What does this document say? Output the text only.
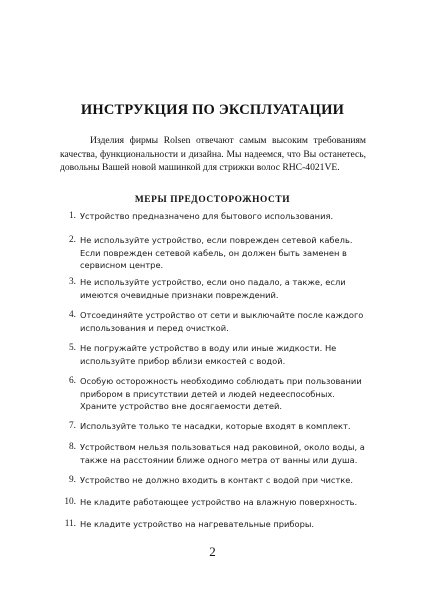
ИНСТРУКЦИЯ ПО ЭКСПЛУАТАЦИИ
Изделия фирмы Rolsen отвечают самым высоким требованиям качества, функциональности и дизайна. Мы надеемся, что Вы останетесь, довольны Вашей новой машинкой для стрижки волос RHC-4021VE.
МЕРЫ ПРЕДОСТОРОЖНОСТИ
1. Устройство предназначено для бытового использования.
2. Не используйте устройство, если поврежден сетевой кабель. Если поврежден сетевой кабель, он должен быть заменен в сервисном центре.
3. Не используйте устройство, если оно падало, а также, если имеются очевидные признаки повреждений.
4. Отсоединяйте устройство от сети и выключайте после каждого использования и перед очисткой.
5. Не погружайте устройство в воду или иные жидкости. Не используйте прибор вблизи емкостей с водой.
6. Особую осторожность необходимо соблюдать при пользовании прибором в присутствии детей и людей недееспособных. Храните устройство вне досягаемости детей.
7. Используйте только те насадки, которые входят в комплект.
8. Устройством нельзя пользоваться над раковиной, около воды, а также на расстоянии ближе одного метра от ванны или душа.
9. Устройство не должно входить в контакт с водой при чистке.
10. Не кладите работающее устройство на влажную поверхность.
11. Не кладите устройство на нагревательные приборы.
2
